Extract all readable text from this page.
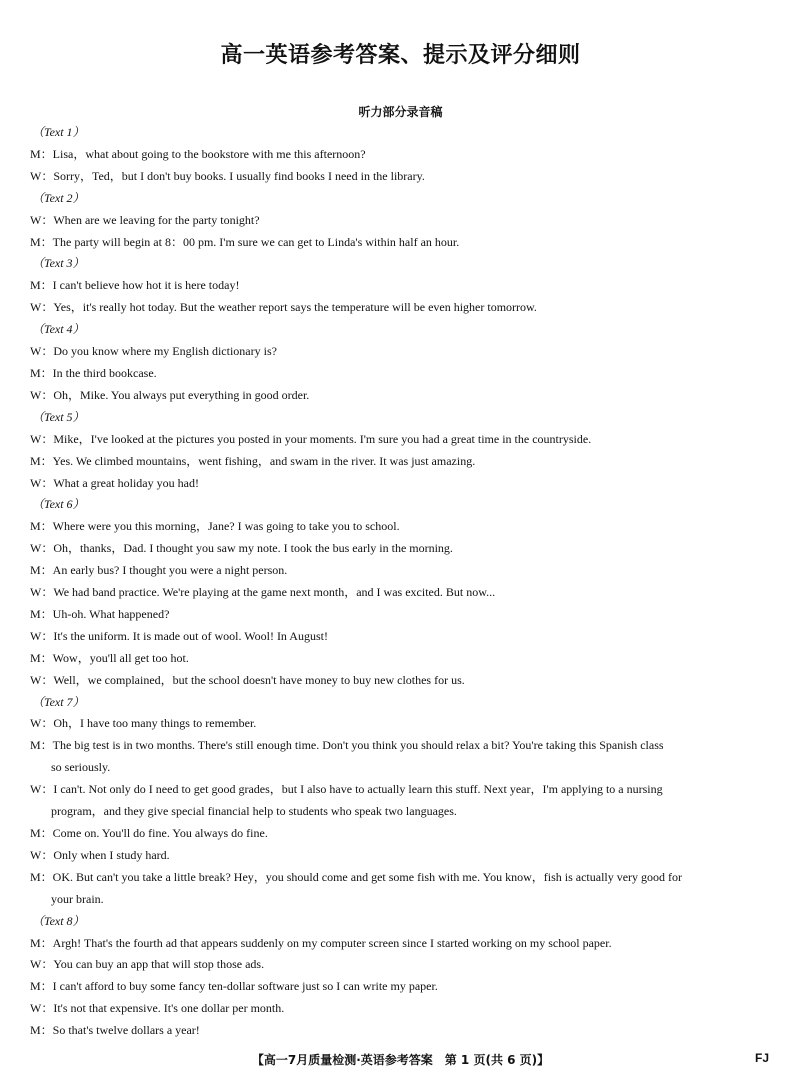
高一英语参考答案、提示及评分细则
听力部分录音稿
（Text 1）
M：Lisa，what about going to the bookstore with me this afternoon?
W：Sorry，Ted，but I don't buy books. I usually find books I need in the library.
（Text 2）
W：When are we leaving for the party tonight?
M：The party will begin at 8：00 pm. I'm sure we can get to Linda's within half an hour.
（Text 3）
M：I can't believe how hot it is here today!
W：Yes，it's really hot today. But the weather report says the temperature will be even higher tomorrow.
（Text 4）
W：Do you know where my English dictionary is?
M：In the third bookcase.
W：Oh，Mike. You always put everything in good order.
（Text 5）
W：Mike，I've looked at the pictures you posted in your moments. I'm sure you had a great time in the countryside.
M：Yes. We climbed mountains，went fishing，and swam in the river. It was just amazing.
W：What a great holiday you had!
（Text 6）
M：Where were you this morning，Jane? I was going to take you to school.
W：Oh，thanks，Dad. I thought you saw my note. I took the bus early in the morning.
M：An early bus? I thought you were a night person.
W：We had band practice. We're playing at the game next month，and I was excited. But now...
M：Uh-oh. What happened?
W：It's the uniform. It is made out of wool. Wool! In August!
M：Wow，you'll all get too hot.
W：Well，we complained，but the school doesn't have money to buy new clothes for us.
（Text 7）
W：Oh，I have too many things to remember.
M：The big test is in two months. There's still enough time. Don't you think you should relax a bit? You're taking this Spanish class
so seriously.
W：I can't. Not only do I need to get good grades，but I also have to actually learn this stuff. Next year，I'm applying to a nursing
program，and they give special financial help to students who speak two languages.
M：Come on. You'll do fine. You always do fine.
W：Only when I study hard.
M：OK. But can't you take a little break? Hey，you should come and get some fish with me. You know，fish is actually very good for
your brain.
（Text 8）
M：Argh! That's the fourth ad that appears suddenly on my computer screen since I started working on my school paper.
W：You can buy an app that will stop those ads.
M：I can't afford to buy some fancy ten-dollar software just so I can write my paper.
W：It's not that expensive. It's one dollar per month.
M：So that's twelve dollars a year!
【高一7月质量检测·英语参考答案　第 1 页(共 6 页)】	FJ
